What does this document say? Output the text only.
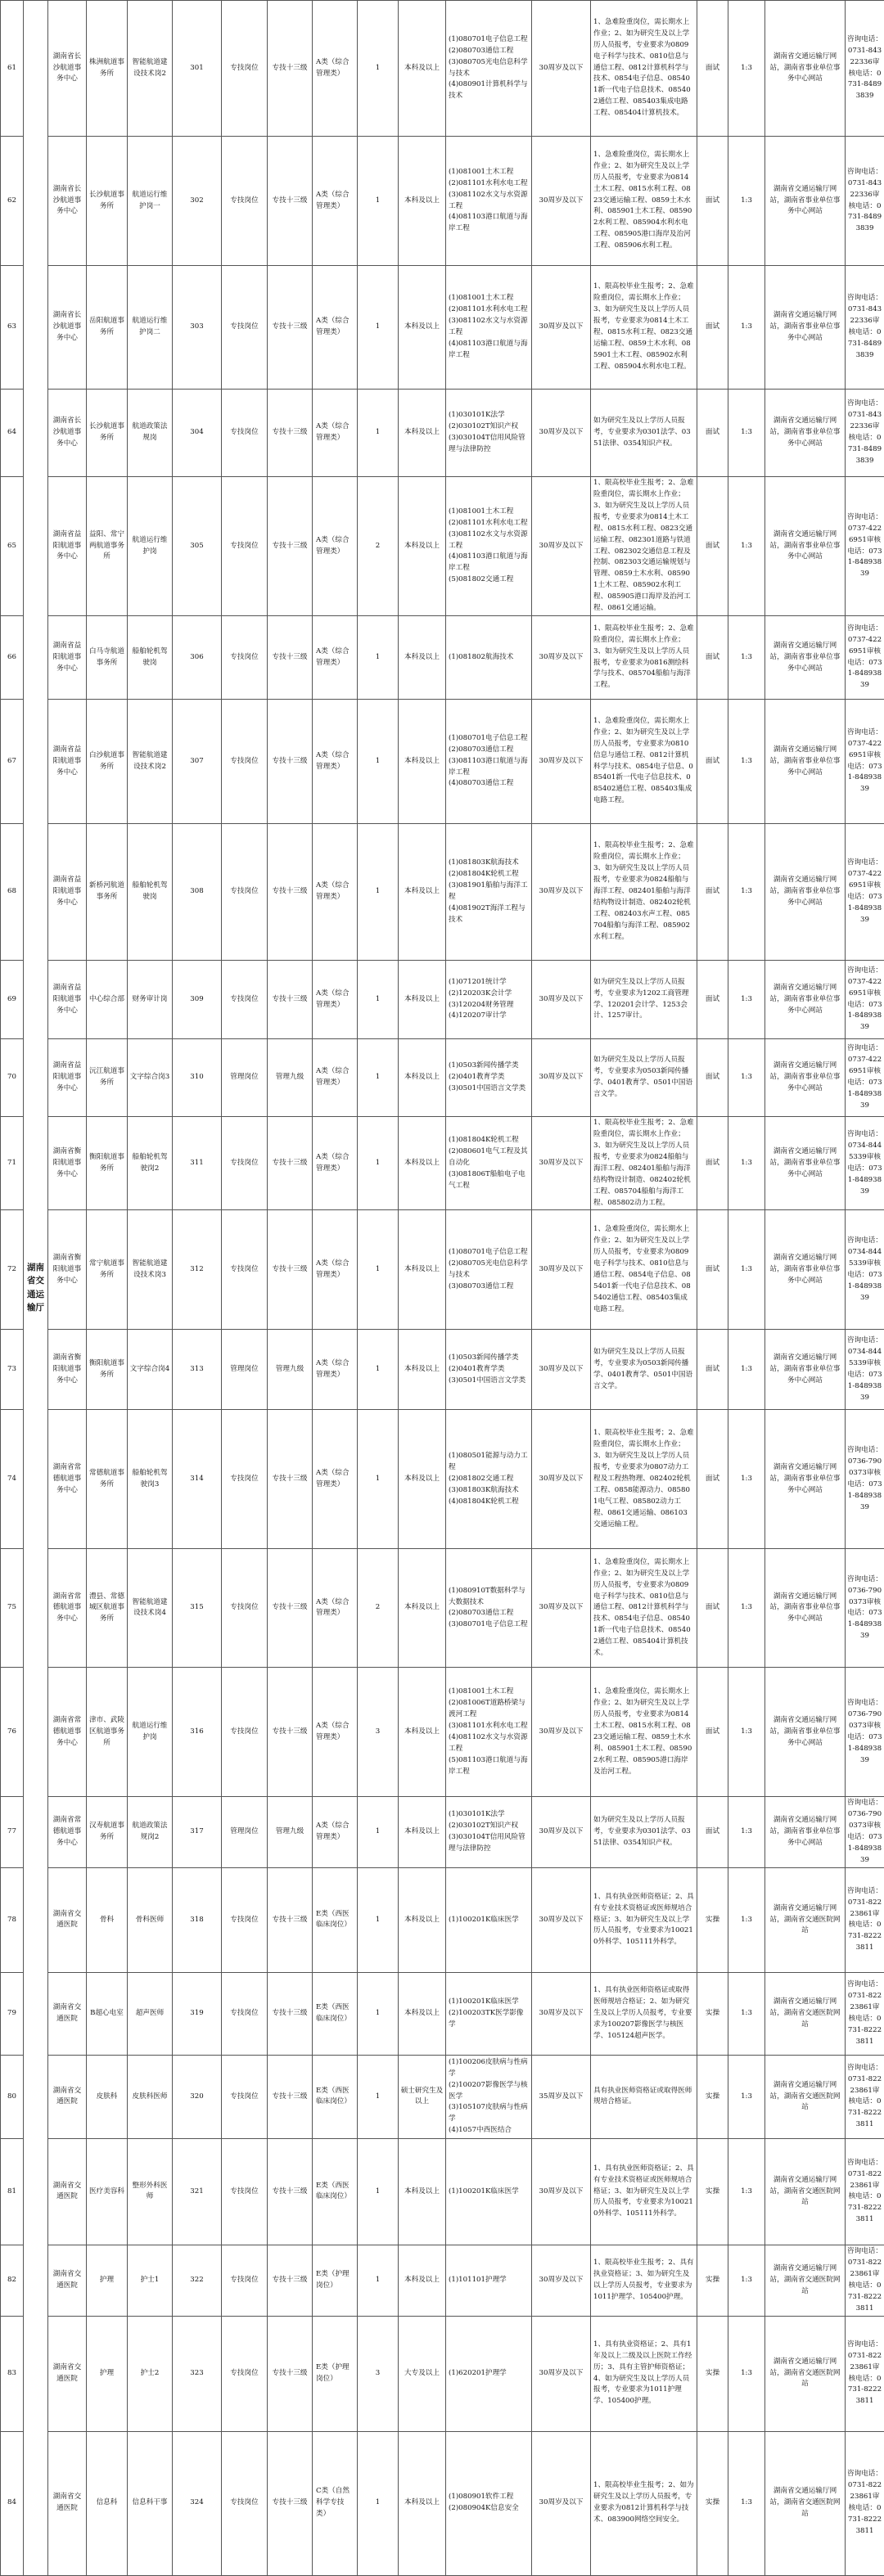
61	湖南省交通运输厅	湖南省长沙航道事务中心	株洲航道事务所	智能航道建设技术岗2	301	专技岗位	专技十三级	A类（综合管理类）	1	本科及以上	(1)080701电子信息工程
(2)080703通信工程
(3)080705光电信息科学与技术
(4)080901计算机科学与技术	30周岁及以下	1、急难险重岗位，需长期水上作业；2、如为研究生及以上学历人员报考，专业要求为0809电子科学与技术、0810信息与通信工程、0812计算机科学与技术、0854电子信息、085401新一代电子信息技术、085402通信工程、085403集成电路工程、085404计算机技术。	面试	1:3	湖南省交通运输厅网站，湖南省事业单位事务中心网站	咨询电话：0731-84322336审核电话：0731-84893839
62		湖南省长沙航道事务中心	长沙航道事务所	航道运行维护岗一	302	专技岗位	专技十三级	A类（综合管理类）	1	本科及以上	(1)081001土木工程
(2)081101水利水电工程
(3)081102水文与水资源工程
(4)081103港口航道与海岸工程	30周岁及以下	1、急难险重岗位，需长期水上作业；2、如为研究生及以上学历人员报考，专业要求为0814土木工程、0815水利工程、0823交通运输工程、0859土木水利、085901土木工程、085902水利工程、085904水利水电工程、085905港口海岸及治河工程、085906水利工程。	面试	1:3	湖南省交通运输厅网站，湖南省事业单位事务中心网站	咨询电话：0731-84322336审核电话：0731-84893839
63		湖南省长沙航道事务中心	岳阳航道事务所	航道运行维护岗二	303	专技岗位	专技十三级	A类（综合管理类）	1	本科及以上	(1)081001土木工程
(2)081101水利水电工程
(3)081102水文与水资源工程
(4)081103港口航道与海岸工程	30周岁及以下	1、限高校毕业生报考；2、急难险重岗位，需长期水上作业；3、如为研究生及以上学历人员报考，专业要求为0814土木工程、0815水利工程、0823交通运输工程、0859土木水利、085901土木工程、085902水利工程、085904水利水电工程。	面试	1:3	湖南省交通运输厅网站，湖南省事业单位事务中心网站	咨询电话：0731-84322336审核电话：0731-84893839
64		湖南省长沙航道事务中心	长沙航道事务所	航道政策法规岗	304	专技岗位	专技十三级	A类（综合管理类）	1	本科及以上	(1)030101K法学
(2)030102T知识产权
(3)030104T信用风险管理与法律防控	30周岁及以下	如为研究生及以上学历人员报考，专业要求为0301法学、0351法律、0354知识产权。	面试	1:3	湖南省交通运输厅网站，湖南省事业单位事务中心网站	咨询电话：0731-84322336审核电话：0731-84893839
65		湖南省益阳航道事务中心	益阳、常宁两航道事务所	航道运行维护岗	305	专技岗位	专技十三级	A类（综合管理类）	2	本科及以上	(1)081001土木工程
(2)081101水利水电工程
(3)081102水文与水资源工程
(4)081103港口航道与海岸工程
(5)081802交通工程	30周岁及以下	1、限高校毕业生报考；2、急难险重岗位，需长期水上作业；3、如为研究生及以上学历人员报考，专业要求为0814土木工程、0815水利工程、0823交通运输工程、082301道路与铁道工程、082302交通信息工程及控制、082303交通运输规划与管理、0859土木水利、085901土木工程、085902水利工程、085905港口海岸及治河工程、0861交通运输。	面试	1:3	湖南省交通运输厅网站，湖南省事业单位事务中心网站	咨询电话：0737-4226951审核电话：0731-84893839
66		湖南省益阳航道事务中心	白马寺航道事务所	船舶轮机驾驶岗	306	专技岗位	专技十三级	A类（综合管理类）	1	本科及以上	(1)081802航海技术	30周岁及以下	1、限高校毕业生报考；2、急难险重岗位，需长期水上作业；3、如为研究生及以上学历人员报考，专业要求为0816测绘科学与技术、085704船舶与海洋工程。	面试	1:3	湖南省交通运输厅网站，湖南省事业单位事务中心网站	咨询电话：0737-4226951审核电话：0731-84893839
67		湖南省益阳航道事务中心	白沙航道事务所	智能航道建设技术岗2	307	专技岗位	专技十三级	A类（综合管理类）	1	本科及以上	(1)080701电子信息工程
(2)080703通信工程
(3)081103港口航道与海岸工程
(4)080703通信工程	30周岁及以下	1、急难险重岗位，需长期水上作业；2、如为研究生及以上学历人员报考，专业要求为0810信息与通信工程、0812计算机科学与技术、0854电子信息、085401新一代电子信息技术、085402通信工程、085403集成电路工程。	面试	1:3	湖南省交通运输厅网站，湖南省事业单位事务中心网站	咨询电话：0737-4226951审核电话：0731-84893839
68		湖南省益阳航道事务中心	新桥河航道事务所	船舶轮机驾驶岗	308	专技岗位	专技十三级	A类（综合管理类）	1	本科及以上	(1)081803K航海技术
(2)081804K轮机工程
(3)081901船舶与海洋工程
(4)081902T海洋工程与技术	30周岁及以下	1、限高校毕业生报考；2、急难险重岗位，需长期水上作业；3、如为研究生及以上学历人员报考，专业要求为0824船舶与海洋工程、082401船舶与海洋结构物设计制造、082402轮机工程、082403水声工程、085704船舶与海洋工程、085902水利工程。	面试	1:3	湖南省交通运输厅网站，湖南省事业单位事务中心网站	咨询电话：0737-4226951审核电话：0731-84893839
69		湖南省益阳航道事务中心	中心综合部	财务审计岗	309	专技岗位	专技十三级	A类（综合管理类）	1	本科及以上	(1)071201统计学
(2)120203K会计学
(3)120204财务管理
(4)120207审计学	30周岁及以下	如为研究生及以上学历人员报考，专业要求为1202工商管理学、120201会计学、1253会计、1257审计。	面试	1:3	湖南省交通运输厅网站，湖南省事业单位事务中心网站	咨询电话：0737-4226951审核电话：0731-84893839
70		湖南省益阳航道事务中心	沅江航道事务所	文字综合岗3	310	管理岗位	管理九级	A类（综合管理类）	1	本科及以上	(1)0503新闻传播学类
(2)0401教育学类
(3)0501中国语言文学类	30周岁及以下	如为研究生及以上学历人员报考，专业要求为0503新闻传播学、0401教育学、0501中国语言文学。	面试	1:3	湖南省交通运输厅网站，湖南省事业单位事务中心网站	咨询电话：0737-4226951审核电话：0731-84893839
71		湖南省衡阳航道事务中心	衡阳航道事务所	船舶轮机驾驶岗2	311	专技岗位	专技十三级	A类（综合管理类）	1	本科及以上	(1)081804K轮机工程
(2)080601电气工程及其自动化
(3)081806T船舶电子电气工程	30周岁及以下	1、限高校毕业生报考；2、急难险重岗位，需长期水上作业；3、如为研究生及以上学历人员报考，专业要求为0824船舶与海洋工程、082401船舶与海洋结构物设计制造、082402轮机工程、085704船舶与海洋工程、085802动力工程。	面试	1:3	湖南省交通运输厅网站，湖南省事业单位事务中心网站	咨询电话：0734-8445339审核电话：0731-84893839
72		湖南省衡阳航道事务中心	常宁航道事务所	智能航道建设技术岗3	312	专技岗位	专技十三级	A类（综合管理类）	1	本科及以上	(1)080701电子信息工程
(2)080705光电信息科学与技术
(3)080703通信工程	30周岁及以下	1、急难险重岗位，需长期水上作业；2、如为研究生及以上学历人员报考，专业要求为0809电子科学与技术、0810信息与通信工程、0854电子信息、085401新一代电子信息技术、085402通信工程、085403集成电路工程。	面试	1:3	湖南省交通运输厅网站，湖南省事业单位事务中心网站	咨询电话：0734-8445339审核电话：0731-84893839
73		湖南省衡阳航道事务中心	衡阳航道事务所	文字综合岗4	313	管理岗位	管理九级	A类（综合管理类）	1	本科及以上	(1)0503新闻传播学类
(2)0401教育学类
(3)0501中国语言文学类	30周岁及以下	如为研究生及以上学历人员报考，专业要求为0503新闻传播学、0401教育学、0501中国语言文学。	面试	1:3	湖南省交通运输厅网站，湖南省事业单位事务中心网站	咨询电话：0734-8445339审核电话：0731-84893839
74		湖南省常德航道事务中心	常德航道事务所	船舶轮机驾驶岗3	314	专技岗位	专技十三级	A类（综合管理类）	1	本科及以上	(1)080501能源与动力工程
(2)081802交通工程
(3)081803K航海技术
(4)081804K轮机工程	30周岁及以下	1、限高校毕业生报考；2、急难险重岗位，需长期水上作业；3、如为研究生及以上学历人员报考，专业要求为0807动力工程及工程热物理、082402轮机工程、0858能源动力、085801电气工程、085802动力工程、0861交通运输、086103交通运输工程。	面试	1:3	湖南省交通运输厅网站，湖南省事业单位事务中心网站	咨询电话：0736-7900373审核电话：0731-84893839
75		湖南省常德航道事务中心	澧县、常德城区航道事务所	智能航道建设技术岗4	315	专技岗位	专技十三级	A类（综合管理类）	2	本科及以上	(1)080910T数据科学与大数据技术
(2)080703通信工程
(3)080701电子信息工程	30周岁及以下	1、急难险重岗位，需长期水上作业；2、如为研究生及以上学历人员报考，专业要求为0809电子科学与技术、0810信息与通信工程、0812计算机科学与技术、0854电子信息、085401新一代电子信息技术、085402通信工程、085404计算机技术。	面试	1:3	湖南省交通运输厅网站，湖南省事业单位事务中心网站	咨询电话：0736-7900373审核电话：0731-84893839
76		湖南省常德航道事务中心	津市、武陵区航道事务所	航道运行维护岗	316	专技岗位	专技十三级	A类（综合管理类）	3	本科及以上	(1)081001土木工程
(2)081006T道路桥梁与渡河工程
(3)081101水利水电工程
(4)081102水文与水资源工程
(5)081103港口航道与海岸工程	30周岁及以下	1、急难险重岗位，需长期水上作业；2、如为研究生及以上学历人员报考，专业要求为0814土木工程、0815水利工程、0823交通运输工程、0859土木水利、085901土木工程、085902水利工程、085905港口海岸及治河工程。	面试	1:3	湖南省交通运输厅网站，湖南省事业单位事务中心网站	咨询电话：0736-7900373审核电话：0731-84893839
77		湖南省常德航道事务中心	汉寿航道事务所	航道政策法规岗2	317	管理岗位	管理九级	A类（综合管理类）	1	本科及以上	(1)030101K法学
(2)030102T知识产权
(3)030104T信用风险管理与法律防控	30周岁及以下	如为研究生及以上学历人员报考，专业要求为0301法学、0351法律、0354知识产权。	面试	1:3	湖南省交通运输厅网站，湖南省事业单位事务中心网站	咨询电话：0736-7900373审核电话：0731-84893839
78		湖南省交通医院	骨科	骨科医师	318	专技岗位	专技十三级	E类（西医临床岗位）	1	本科及以上	(1)100201K临床医学	30周岁及以下	1、具有执业医师资格证；2、具有专业技术资格证或医师规培合格证；3、如为研究生及以上学历人员报考，专业要求为100210外科学、105111外科学。	实操	1:3	湖南省交通运输厅网站，湖南省交通医院网站	咨询电话：0731-82223861审核电话：0731-82223811
79		湖南省交通医院	B超心电室	超声医师	319	专技岗位	专技十三级	E类（西医临床岗位）	1	本科及以上	(1)100201K临床医学
(2)100203TK医学影像学	30周岁及以下	1、具有执业医师资格证或取得医师规培合格证；2、如为研究生及以上学历人员报考，专业要求为100207影像医学与核医学、105124超声医学。	实操	1:3	湖南省交通运输厅网站，湖南省交通医院网站	咨询电话：0731-82223861审核电话：0731-82223811
80		湖南省交通医院	皮肤科	皮肤科医师	320	专技岗位	专技十三级	E类（西医临床岗位）	1	硕士研究生及以上	(1)100206皮肤病与性病学
(2)100207影像医学与核医学
(3)105107皮肤病与性病学
(4)1057中西医结合	35周岁及以下	具有执业医师资格证或取得医师规培合格证。	实操	1:3	湖南省交通运输厅网站，湖南省交通医院网站	咨询电话：0731-82223861审核电话：0731-82223811
81		湖南省交通医院	医疗美容科	整形外科医师	321	专技岗位	专技十三级	E类（西医临床岗位）	1	本科及以上	(1)100201K临床医学	30周岁及以下	1、具有执业医师资格证；2、具有专业技术资格证或医师规培合格证；3、如为研究生及以上学历人员报考，专业要求为100210外科学、105111外科学。	实操	1:3	湖南省交通运输厅网站，湖南省交通医院网站	咨询电话：0731-82223861审核电话：0731-82223811
82		湖南省交通医院	护理	护士1	322	专技岗位	专技十三级	E类（护理岗位）	1	本科及以上	(1)101101护理学	30周岁及以下	1、限高校毕业生报考；2、具有执业资格证；3、如为研究生及以上学历人员报考，专业要求为1011护理学、105400护理。	实操	1:3	湖南省交通运输厅网站，湖南省交通医院网站	咨询电话：0731-82223861审核电话：0731-82223811
83		湖南省交通医院	护理	护士2	323	专技岗位	专技十三级	E类（护理岗位）	3	大专及以上	(1)620201护理学	30周岁及以下	1、具有执业资格证；2、具有1年及以上二级及以上医院工作经历；3、具有主管护师资格证；4、如为研究生及以上学历人员报考，专业要求为1011护理学、105400护理。	实操	1:3	湖南省交通运输厅网站，湖南省交通医院网站	咨询电话：0731-82223861审核电话：0731-82223811
84		湖南省交通医院	信息科	信息科干事	324	专技岗位	专技十三级	C类（自然科学专技类）	1	本科及以上	(1)080901软件工程
(2)080904K信息安全	30周岁及以下	1、限高校毕业生报考；2、如为研究生及以上学历人员报考，专业要求为0812计算机科学与技术、083900网络空间安全。	实操	1:3	湖南省交通运输厅网站，湖南省交通医院网站	咨询电话：0731-82223861审核电话：0731-82223811
